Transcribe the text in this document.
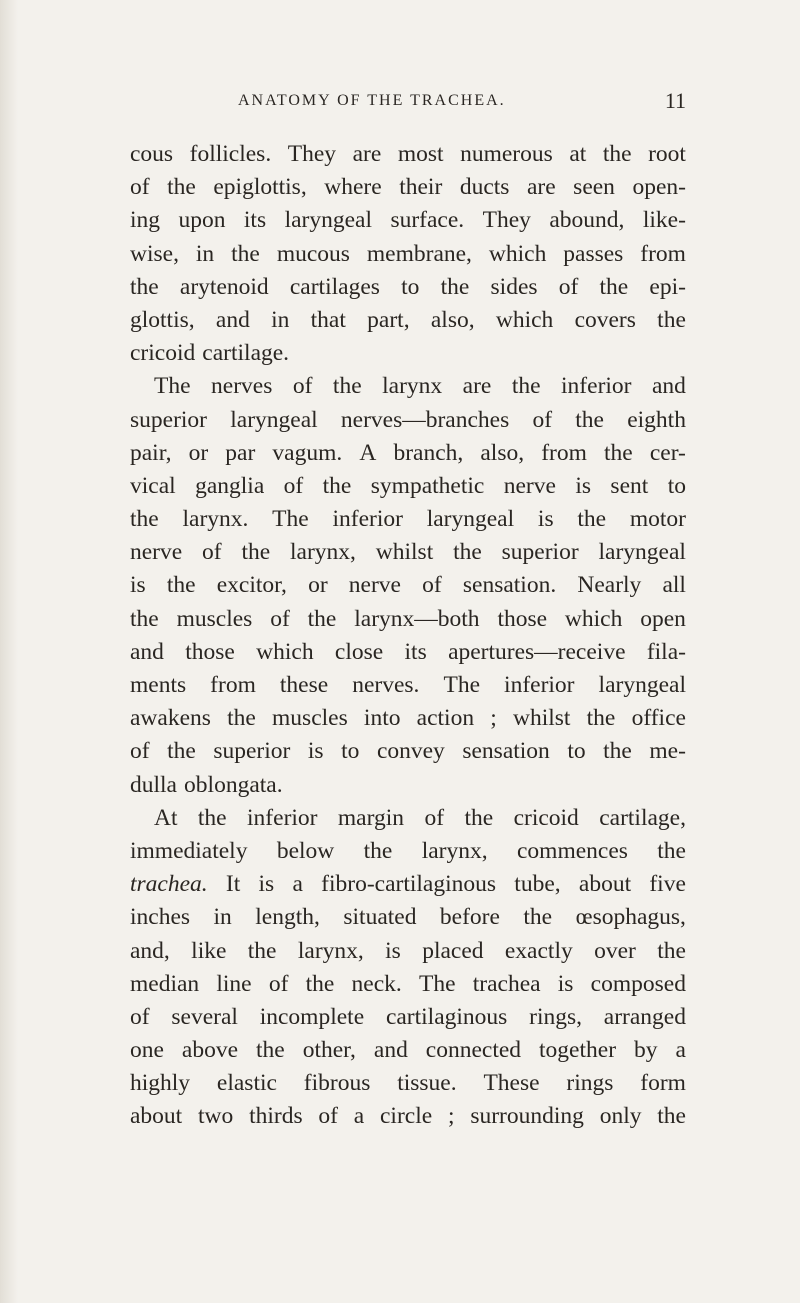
ANATOMY OF THE TRACHEA.	11
cous follicles. They are most numerous at the root
of the epiglottis, where their ducts are seen open-
ing upon its laryngeal surface. They abound, like-
wise, in the mucous membrane, which passes from
the arytenoid cartilages to the sides of the epi-
glottis, and in that part, also, which covers the
cricoid cartilage.
The nerves of the larynx are the inferior and
superior laryngeal nerves—branches of the eighth
pair, or par vagum. A branch, also, from the cer-
vical ganglia of the sympathetic nerve is sent to
the larynx. The inferior laryngeal is the motor
nerve of the larynx, whilst the superior laryngeal
is the excitor, or nerve of sensation. Nearly all
the muscles of the larynx—both those which open
and those which close its apertures—receive fila-
ments from these nerves. The inferior laryngeal
awakens the muscles into action ; whilst the office
of the superior is to convey sensation to the me-
dulla oblongata.
At the inferior margin of the cricoid cartilage,
immediately below the larynx, commences the
trachea. It is a fibro-cartilaginous tube, about five
inches in length, situated before the œsophagus,
and, like the larynx, is placed exactly over the
median line of the neck. The trachea is composed
of several incomplete cartilaginous rings, arranged
one above the other, and connected together by a
highly elastic fibrous tissue. These rings form
about two thirds of a circle ; surrounding only the
